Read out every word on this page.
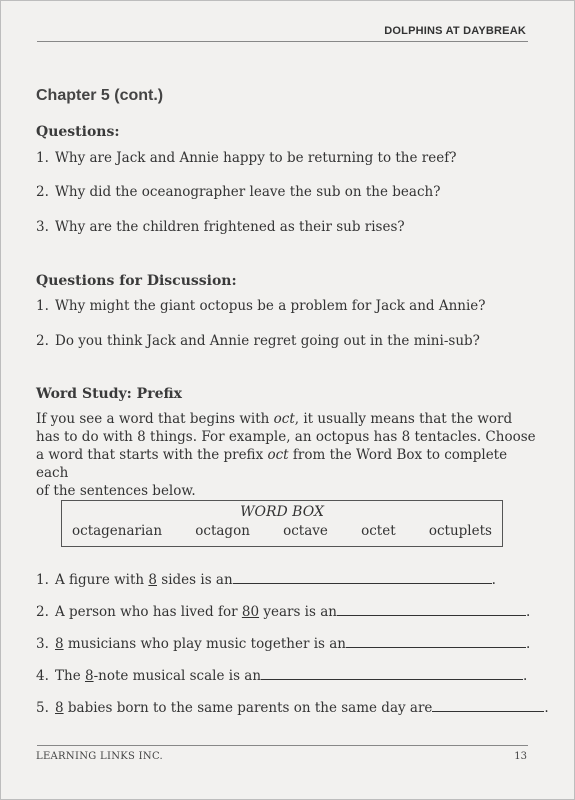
DOLPHINS AT DAYBREAK
Chapter 5 (cont.)
Questions:
1. Why are Jack and Annie happy to be returning to the reef?
2. Why did the oceanographer leave the sub on the beach?
3. Why are the children frightened as their sub rises?
Questions for Discussion:
1. Why might the giant octopus be a problem for Jack and Annie?
2. Do you think Jack and Annie regret going out in the mini-sub?
Word Study: Prefix
If you see a word that begins with oct, it usually means that the word
has to do with 8 things. For example, an octopus has 8 tentacles. Choose
a word that starts with the prefix oct from the Word Box to complete each
of the sentences below.
WORD BOX
octagenarian octagon octave octet octuplets
1. A figure with 8 sides is an	.
2. A person who has lived for 80 years is an	.
3. 8 musicians who play music together is an	.
4. The 8-note musical scale is an	.
5. 8 babies born to the same parents on the same day are	.
LEARNING LINKS INC.	13
